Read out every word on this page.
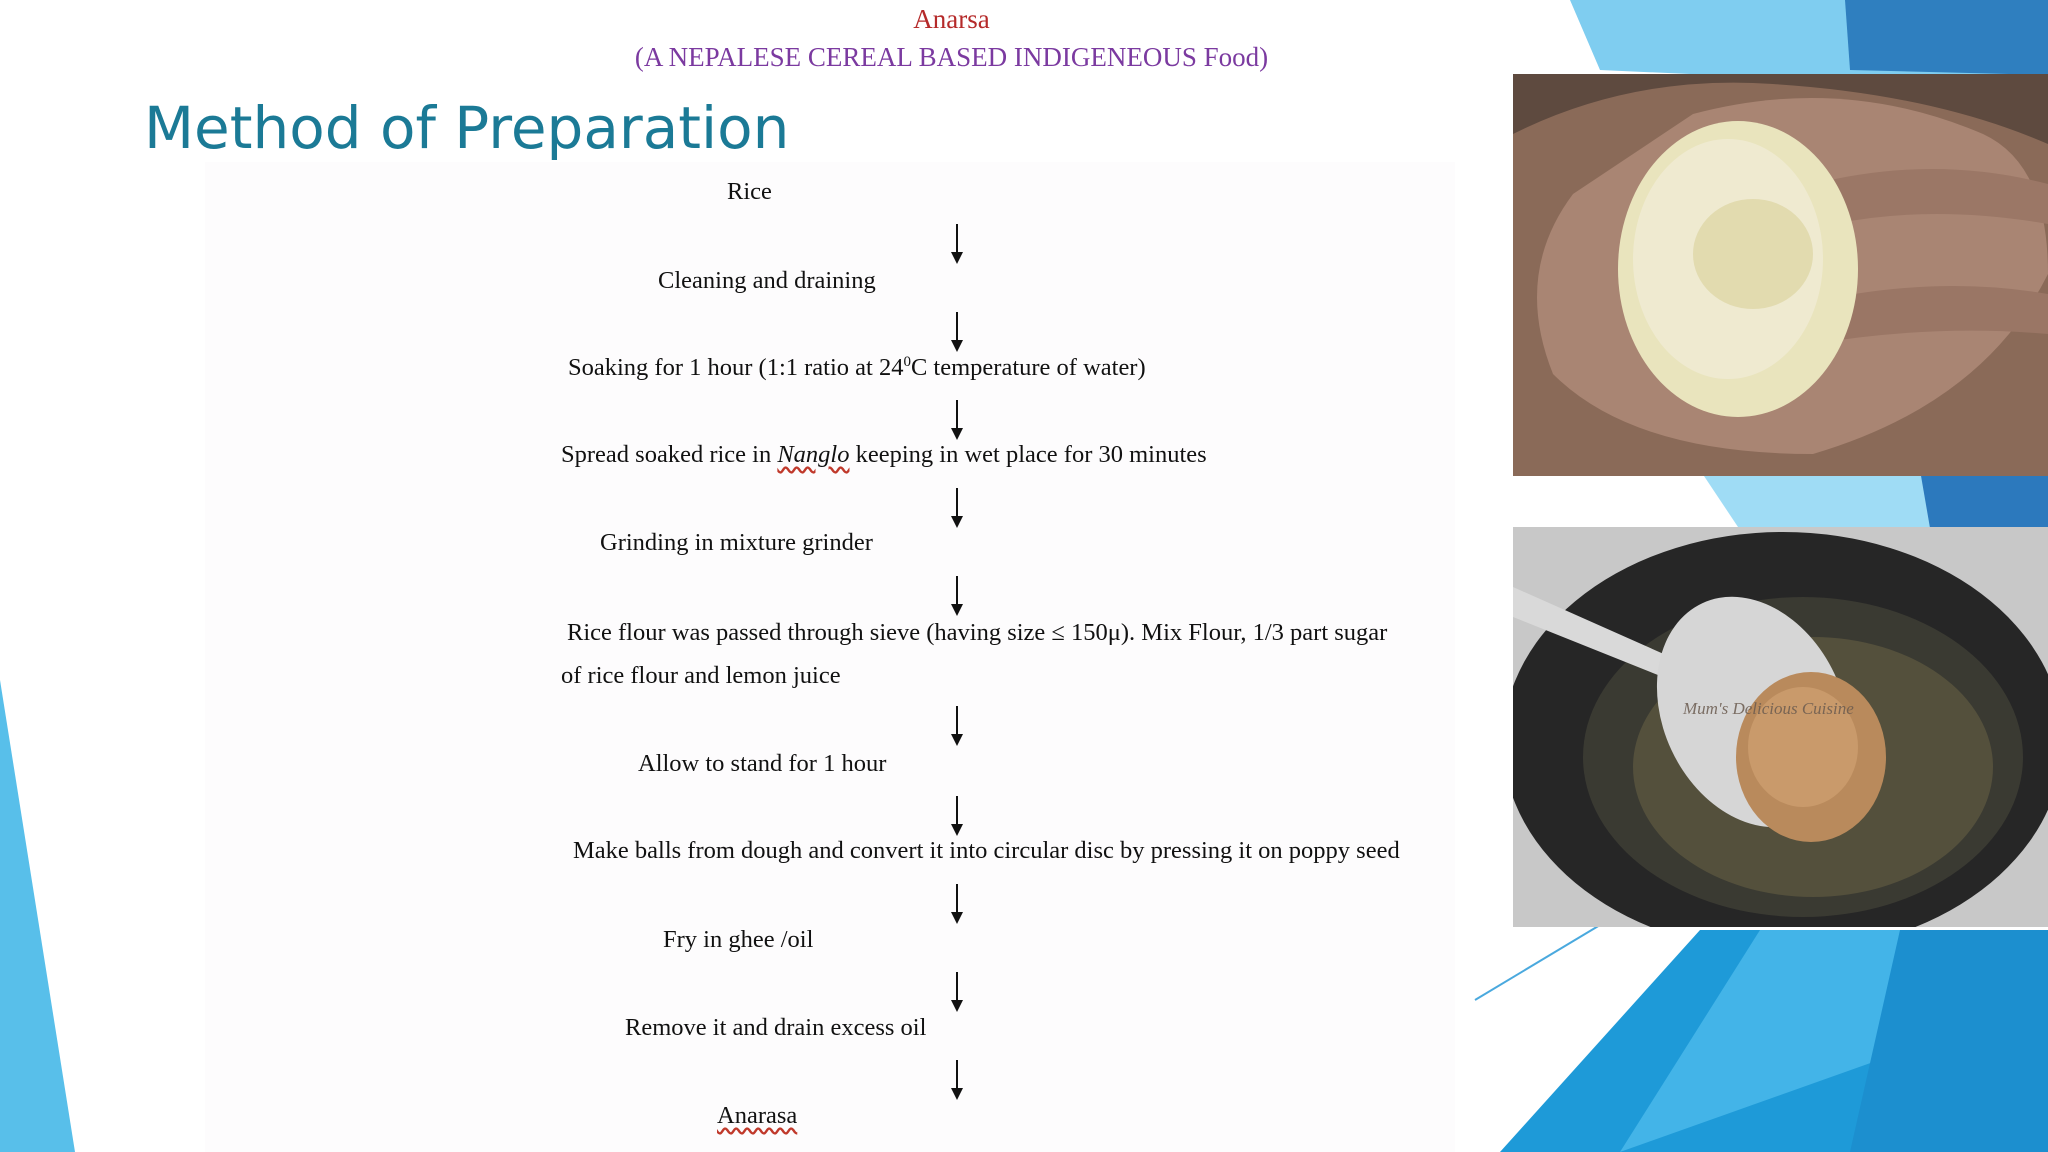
Anarsa
(A NEPALESE CEREAL BASED INDIGENEOUS Food)
Method of Preparation
Rice
Cleaning and draining
Soaking for 1 hour (1:1 ratio at $24^0C$ temperature of water)
Spread soaked rice in Nanglo keeping in wet place for 30 minutes
Grinding in mixture grinder
Rice flour was passed through sieve (having size ≤ 150μ). Mix Flour, 1/3 part sugar
of rice flour and lemon juice
Allow to stand for 1 hour
Make balls from dough and convert it into circular disc by pressing it on poppy seed
Fry in ghee /oil
Remove it and drain excess oil
Anarasa
Mum's Delicious Cuisine
